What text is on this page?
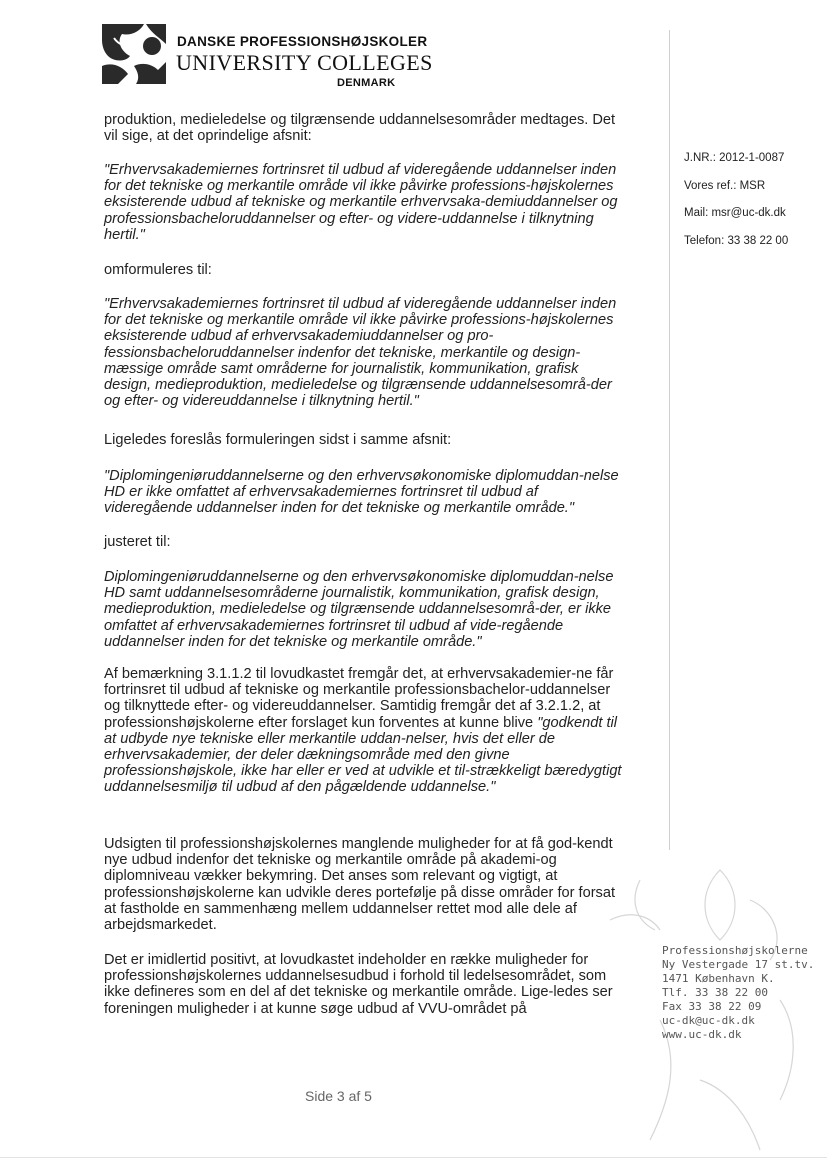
DANSKE PROFESSIONSHØJSKOLER
UNIVERSITY COLLEGES
DENMARK
J.NR.: 2012-1-0087
Vores ref.: MSR
Mail: msr@uc-dk.dk
Telefon: 33 38 22 00

produktion, medieledelse og tilgrænsende uddannelsesområder medtages. Det vil sige, at det oprindelige afsnit:

"Erhvervsakademiernes fortrinsret til udbud af videregående uddannelser inden for det tekniske og merkantile område vil ikke påvirke professions-højskolernes eksisterende udbud af tekniske og merkantile erhvervsaka-demiuddannelser og professionsbacheloruddannelser og efter- og videre-uddannelse i tilknytning hertil."

omformuleres til:

"Erhvervsakademiernes fortrinsret til udbud af videregående uddannelser inden for det tekniske og merkantile område vil ikke påvirke professions-højskolernes eksisterende udbud af erhvervsakademiuddannelser og pro-fessionsbacheloruddannelser indenfor det tekniske, merkantile og design-mæssige område samt områderne for journalistik, kommunikation, grafisk design, medieproduktion, medieledelse og tilgrænsende uddannelsesområ-der og efter- og videreuddannelse i tilknytning hertil."

Ligeledes foreslås formuleringen sidst i samme afsnit:

"Diplomingeniøruddannelserne og den erhvervsøkonomiske diplomuddan-nelse HD er ikke omfattet af erhvervsakademiernes fortrinsret til udbud af videregående uddannelser inden for det tekniske og merkantile område."

justeret til:

Diplomingeniøruddannelserne og den erhvervsøkonomiske diplomuddan-nelse HD samt uddannelsesområderne journalistik, kommunikation, grafisk design, medieproduktion, medieledelse og tilgrænsende uddannelsesområ-der, er ikke omfattet af erhvervsakademiernes fortrinsret til udbud af vide-regående uddannelser inden for det tekniske og merkantile område."

Af bemærkning 3.1.1.2 til lovudkastet fremgår det, at erhvervsakademier-ne får fortrinsret til udbud af tekniske og merkantile professionsbachelor-uddannelser og tilknyttede efter- og videreuddannelser. Samtidig fremgår det af 3.2.1.2, at professionshøjskolerne efter forslaget kun forventes at kunne blive "godkendt til at udbyde nye tekniske eller merkantile uddan-nelser, hvis det eller de erhvervsakademier, der deler dækningsområde med den givne professionshøjskole, ikke har eller er ved at udvikle et til-strækkeligt bæredygtigt uddannelsesmiljø til udbud af den pågældende uddannelse."

Udsigten til professionshøjskolernes manglende muligheder for at få god-kendt nye udbud indenfor det tekniske og merkantile område på akademi-og diplomniveau vækker bekymring. Det anses som relevant og vigtigt, at professionshøjskolerne kan udvikle deres portefølje på disse områder for forsat at fastholde en sammenhæng mellem uddannelser rettet mod alle dele af arbejdsmarkedet.

Det er imidlertid positivt, at lovudkastet indeholder en række muligheder for professionshøjskolernes uddannelsesudbud i forhold til ledelsesområdet, som ikke defineres som en del af det tekniske og merkantile område. Lige-ledes ser foreningen muligheder i at kunne søge udbud af VVU-området på

Professionshøjskolerne
Ny Vestergade 17 st.tv.
1471 København K.
Tlf. 33 38 22 00
Fax 33 38 22 09
uc-dk@uc-dk.dk
www.uc-dk.dk
Side 3 af 5
